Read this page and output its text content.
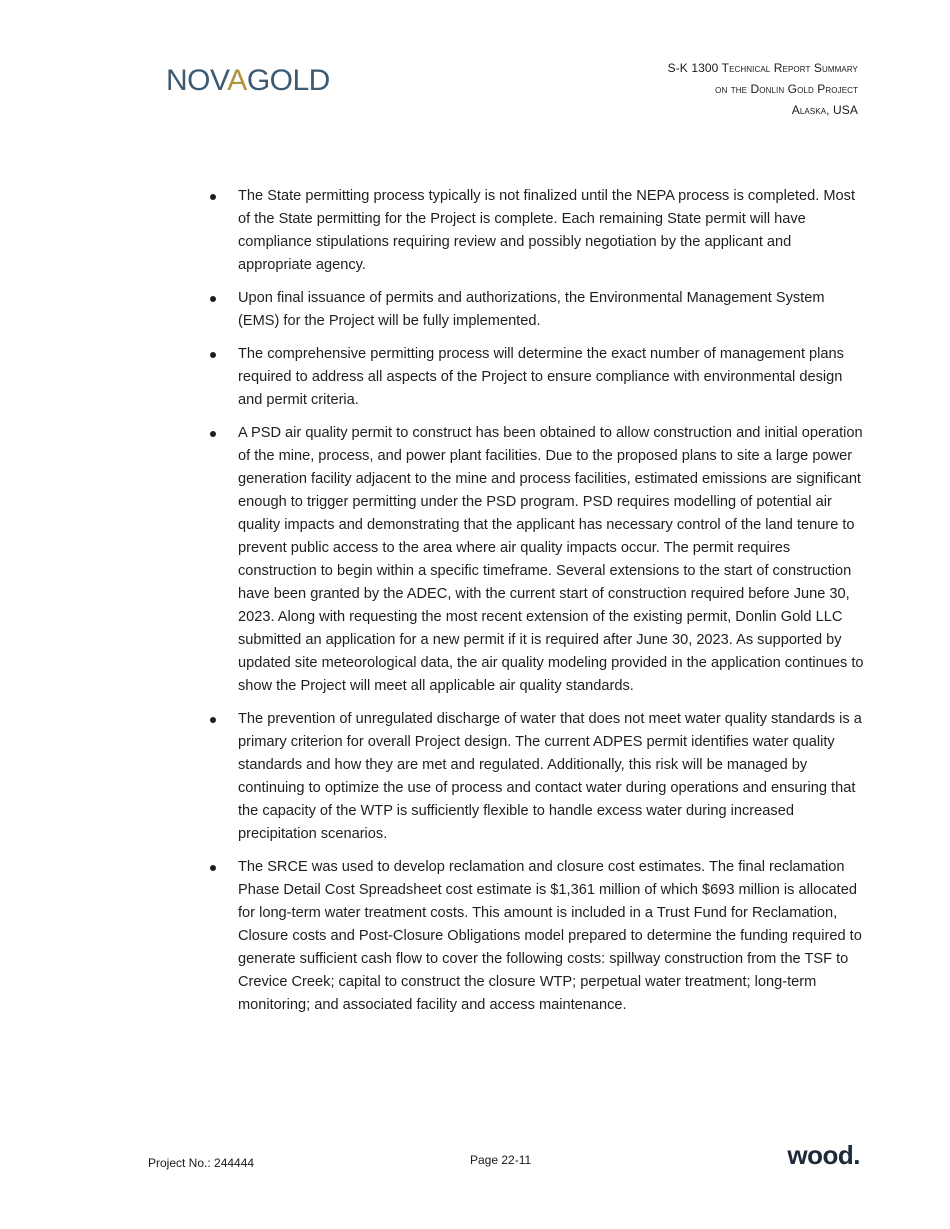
NOVAGOLD	S-K 1300 Technical Report Summary
on the Donlin Gold Project
Alaska, USA
The State permitting process typically is not finalized until the NEPA process is completed. Most of the State permitting for the Project is complete. Each remaining State permit will have compliance stipulations requiring review and possibly negotiation by the applicant and appropriate agency.
Upon final issuance of permits and authorizations, the Environmental Management System (EMS) for the Project will be fully implemented.
The comprehensive permitting process will determine the exact number of management plans required to address all aspects of the Project to ensure compliance with environmental design and permit criteria.
A PSD air quality permit to construct has been obtained to allow construction and initial operation of the mine, process, and power plant facilities. Due to the proposed plans to site a large power generation facility adjacent to the mine and process facilities, estimated emissions are significant enough to trigger permitting under the PSD program. PSD requires modelling of potential air quality impacts and demonstrating that the applicant has necessary control of the land tenure to prevent public access to the area where air quality impacts occur. The permit requires construction to begin within a specific timeframe. Several extensions to the start of construction have been granted by the ADEC, with the current start of construction required before June 30, 2023. Along with requesting the most recent extension of the existing permit, Donlin Gold LLC submitted an application for a new permit if it is required after June 30, 2023. As supported by updated site meteorological data, the air quality modeling provided in the application continues to show the Project will meet all applicable air quality standards.
The prevention of unregulated discharge of water that does not meet water quality standards is a primary criterion for overall Project design. The current ADPES permit identifies water quality standards and how they are met and regulated. Additionally, this risk will be managed by continuing to optimize the use of process and contact water during operations and ensuring that the capacity of the WTP is sufficiently flexible to handle excess water during increased precipitation scenarios.
The SRCE was used to develop reclamation and closure cost estimates. The final reclamation Phase Detail Cost Spreadsheet cost estimate is $1,361 million of which $693 million is allocated for long-term water treatment costs. This amount is included in a Trust Fund for Reclamation, Closure costs and Post-Closure Obligations model prepared to determine the funding required to generate sufficient cash flow to cover the following costs: spillway construction from the TSF to Crevice Creek; capital to construct the closure WTP; perpetual water treatment; long-term monitoring; and associated facility and access maintenance.
Project No.: 244444	Page 22-11	wood.
